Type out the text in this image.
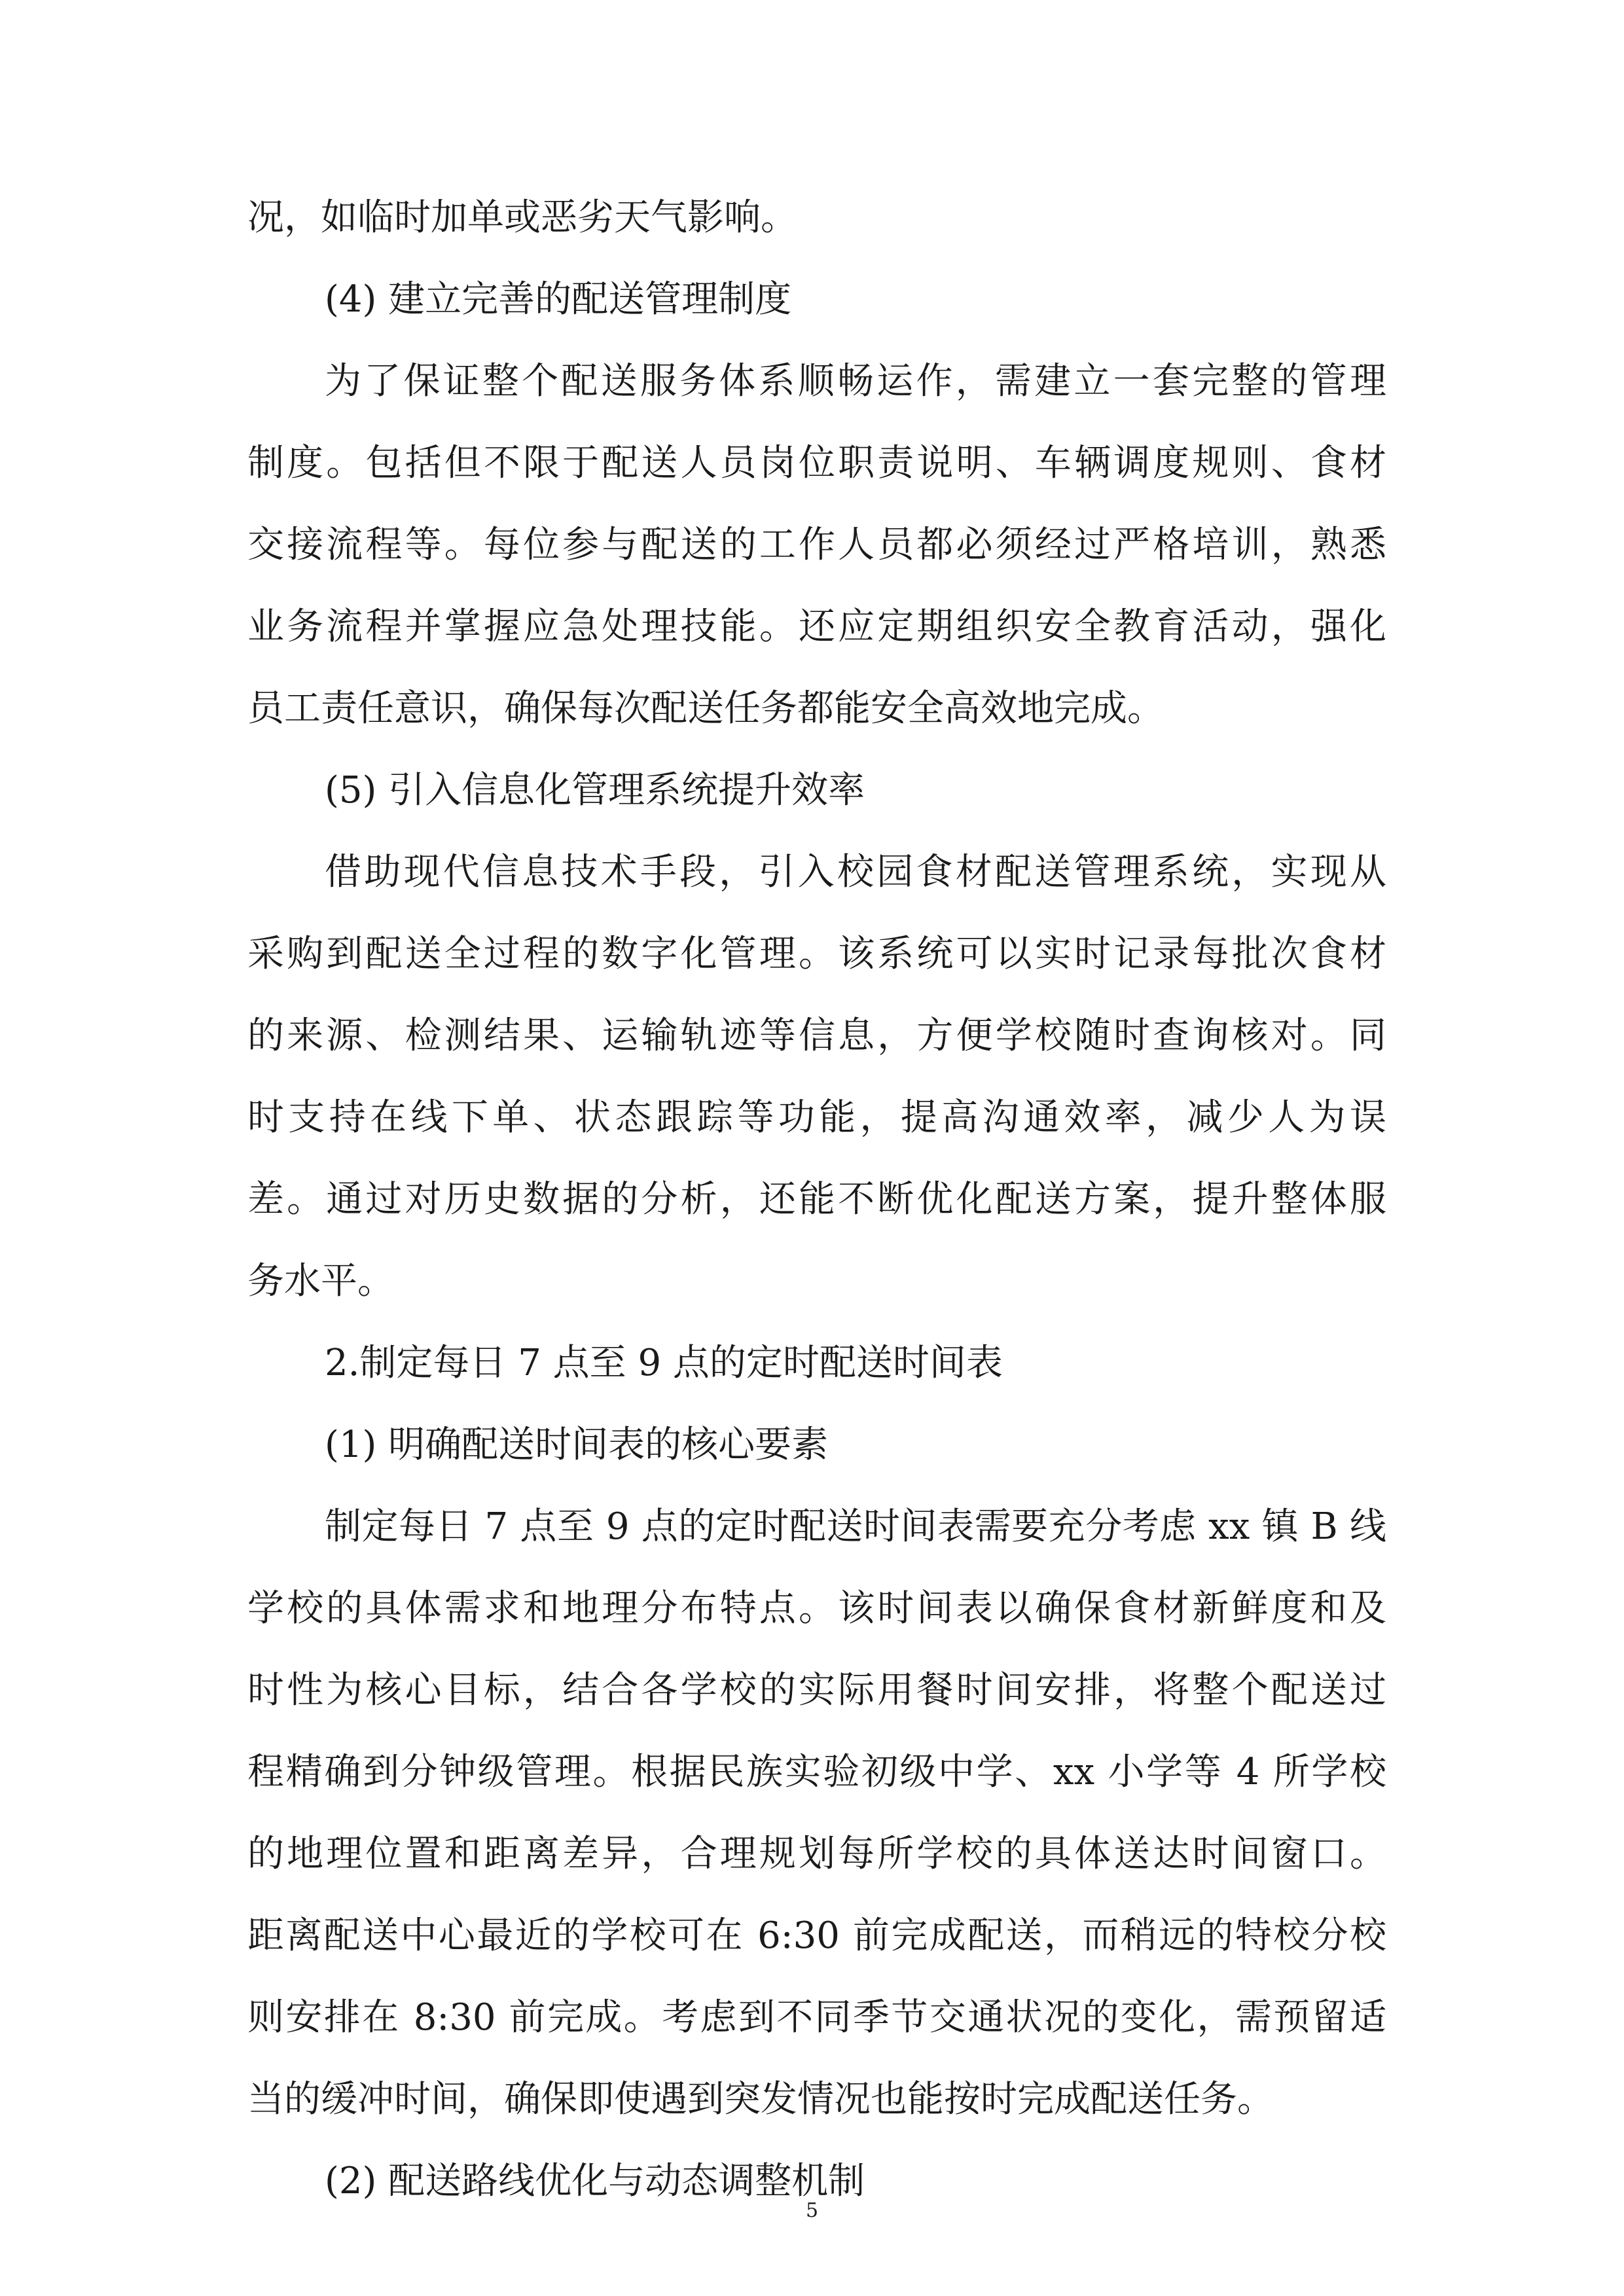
况，如临时加单或恶劣天气影响。
(4) 建立完善的配送管理制度
为了保证整个配送服务体系顺畅运作，需建立一套完整的管理
制度。包括但不限于配送人员岗位职责说明、车辆调度规则、食材
交接流程等。每位参与配送的工作人员都必须经过严格培训，熟悉
业务流程并掌握应急处理技能。还应定期组织安全教育活动，强化
员工责任意识，确保每次配送任务都能安全高效地完成。
(5) 引入信息化管理系统提升效率
借助现代信息技术手段，引入校园食材配送管理系统，实现从
采购到配送全过程的数字化管理。该系统可以实时记录每批次食材
的来源、检测结果、运输轨迹等信息，方便学校随时查询核对。同
时支持在线下单、状态跟踪等功能，提高沟通效率，减少人为误
差。通过对历史数据的分析，还能不断优化配送方案，提升整体服
务水平。
2.制定每日 7 点至 9 点的定时配送时间表
(1) 明确配送时间表的核心要素
制定每日 7 点至 9 点的定时配送时间表需要充分考虑 xx 镇 B 线
学校的具体需求和地理分布特点。该时间表以确保食材新鲜度和及
时性为核心目标，结合各学校的实际用餐时间安排，将整个配送过
程精确到分钟级管理。根据民族实验初级中学、xx 小学等 4 所学校
的地理位置和距离差异，合理规划每所学校的具体送达时间窗口。
距离配送中心最近的学校可在 6:30 前完成配送，而稍远的特校分校
则安排在 8:30 前完成。考虑到不同季节交通状况的变化，需预留适
当的缓冲时间，确保即使遇到突发情况也能按时完成配送任务。
(2) 配送路线优化与动态调整机制
5
